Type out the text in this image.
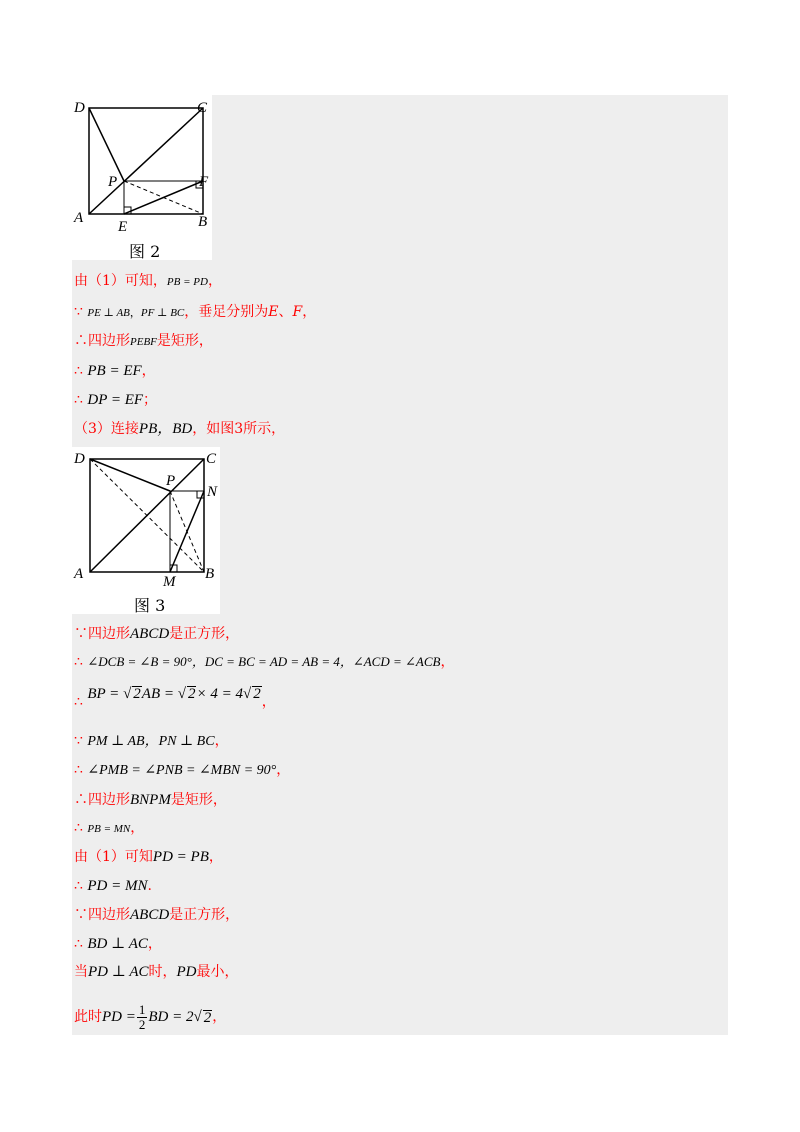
D	C
P	F
A
E	B
图 2
由（1）可知，PB = PD，
∵ PE ⊥ AB，PF ⊥ BC，垂足分别为E、F，
∴四边形PEBF是矩形，
∴ PB = EF，
∴ DP = EF；
（3）连接PB，BD，如图3所示，
D	C
P
N
A	M B
图 3
∵四边形ABCD是正方形，
∴ ∠DCB = ∠B = 90°，DC = BC = AD = AB = 4，∠ACD = ∠ACB，
∴ BP = √ 2AB = √ 2× 4 = 4√ 2，
∵ PM ⊥ AB，PN ⊥ BC，
∴ ∠PMB = ∠PNB = ∠MBN = 90°，
∴四边形BNPM是矩形，
∴ PB = MN，
由（1）可知PD = PB，
∴ PD = MN.
∵四边形ABCD是正方形，
∴ BD ⊥ AC，
当PD ⊥ AC时，PD最小，
此时 PD = $\frac{1}{2}$ BD = 2 √ 2 ，
